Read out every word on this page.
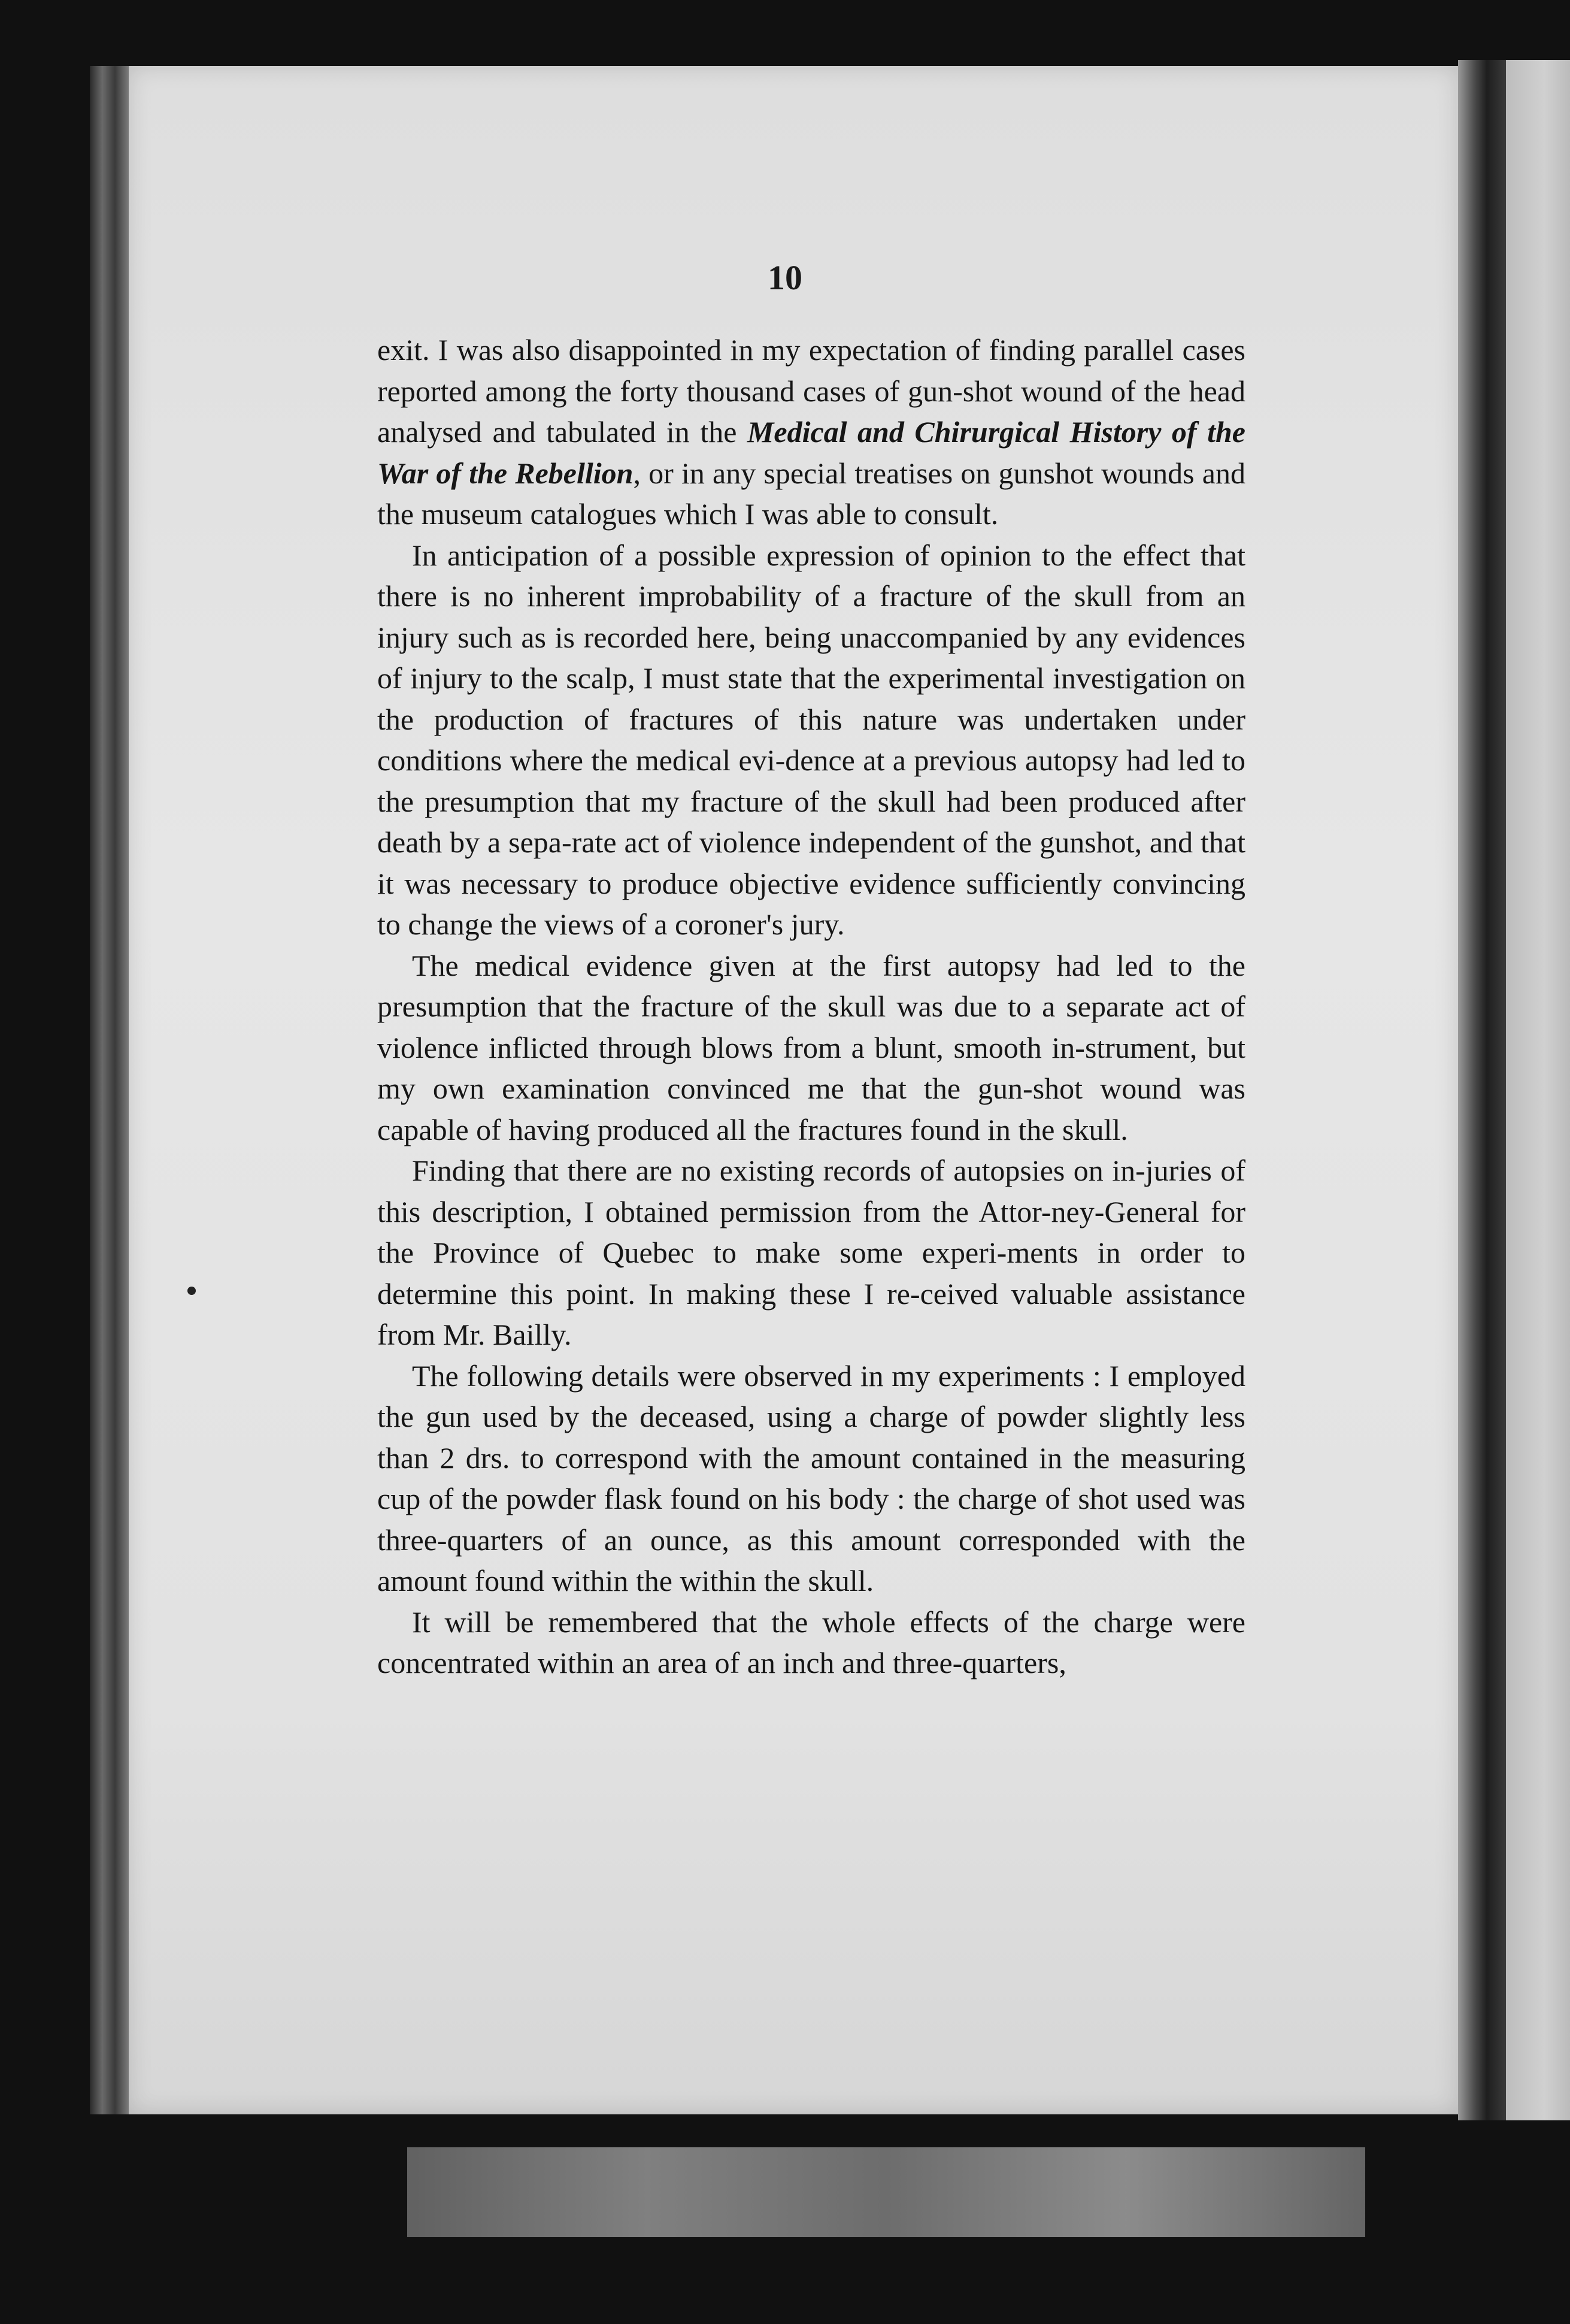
10

exit. I was also disappointed in my expectation of finding parallel cases reported among the forty thousand cases of gun-shot wound of the head analysed and tabulated in the Medical and Chirurgical History of the War of the Rebellion, or in any special treatises on gunshot wounds and the museum catalogues which I was able to consult.

In anticipation of a possible expression of opinion to the effect that there is no inherent improbability of a fracture of the skull from an injury such as is recorded here, being unaccompanied by any evidences of injury to the scalp, I must state that the experimental investigation on the production of fractures of this nature was undertaken under conditions where the medical evi-dence at a previous autopsy had led to the presumption that my fracture of the skull had been produced after death by a sepa-rate act of violence independent of the gunshot, and that it was necessary to produce objective evidence sufficiently convincing to change the views of a coroner's jury.

The medical evidence given at the first autopsy had led to the presumption that the fracture of the skull was due to a separate act of violence inflicted through blows from a blunt, smooth in-strument, but my own examination convinced me that the gun-shot wound was capable of having produced all the fractures found in the skull.

Finding that there are no existing records of autopsies on in-juries of this description, I obtained permission from the Attor-ney-General for the Province of Quebec to make some experi-ments in order to determine this point. In making these I re-ceived valuable assistance from Mr. Bailly.

The following details were observed in my experiments : I employed the gun used by the deceased, using a charge of powder slightly less than 2 drs. to correspond with the amount contained in the measuring cup of the powder flask found on his body : the charge of shot used was three-quarters of an ounce, as this amount corresponded with the amount found within the within the skull.

It will be remembered that the whole effects of the charge were concentrated within an area of an inch and three-quarters,
